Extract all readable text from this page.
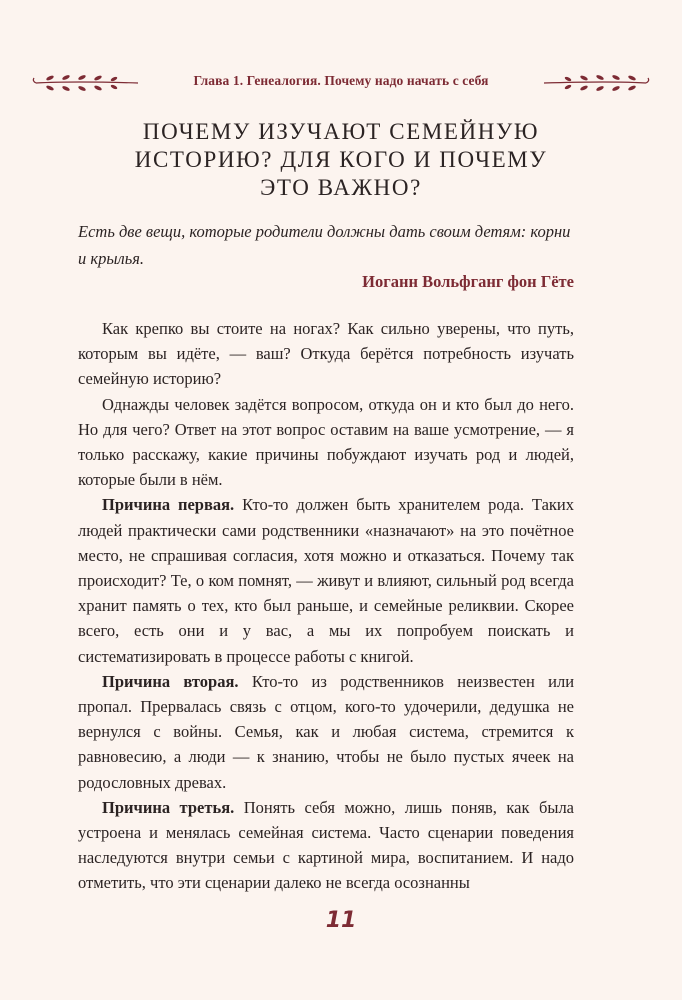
Глава 1. Генеалогия. Почему надо начать с себя
ПОЧЕМУ ИЗУЧАЮТ СЕМЕЙНУЮ
ИСТОРИЮ? ДЛЯ КОГО И ПОЧЕМУ
ЭТО ВАЖНО?
Есть две вещи, которые родители должны дать своим детям: корни и крылья.
Иоганн Вольфганг фон Гёте

Как крепко вы стоите на ногах? Как сильно уверены, что путь, которым вы идёте, — ваш? Откуда берётся потребность изучать семейную историю?

Однажды человек задётся вопросом, откуда он и кто был до него. Но для чего? Ответ на этот вопрос оставим на ваше усмотрение, — я только расскажу, какие причины побуждают изучать род и людей, которые были в нём.

Причина первая. Кто-то должен быть хранителем рода. Таких людей практически сами родственники «назначают» на это почётное место, не спрашивая согласия, хотя можно и отказаться. Почему так происходит? Те, о ком помнят, — живут и влияют, сильный род всегда хранит память о тех, кто был раньше, и семейные реликвии. Скорее всего, есть они и у вас, а мы их попробуем поискать и систематизировать в процессе работы с книгой.

Причина вторая. Кто-то из родственников неизвестен или пропал. Прервалась связь с отцом, кого-то удочерили, дедушка не вернулся с войны. Семья, как и любая система, стремится к равновесию, а люди — к знанию, чтобы не было пустых ячеек на родословных древах.

Причина третья. Понять себя можно, лишь поняв, как была устроена и менялась семейная система. Часто сценарии поведения наследуются внутри семьи с картиной мира, воспитанием. И надо отметить, что эти сценарии далеко не всегда осознанны

11
